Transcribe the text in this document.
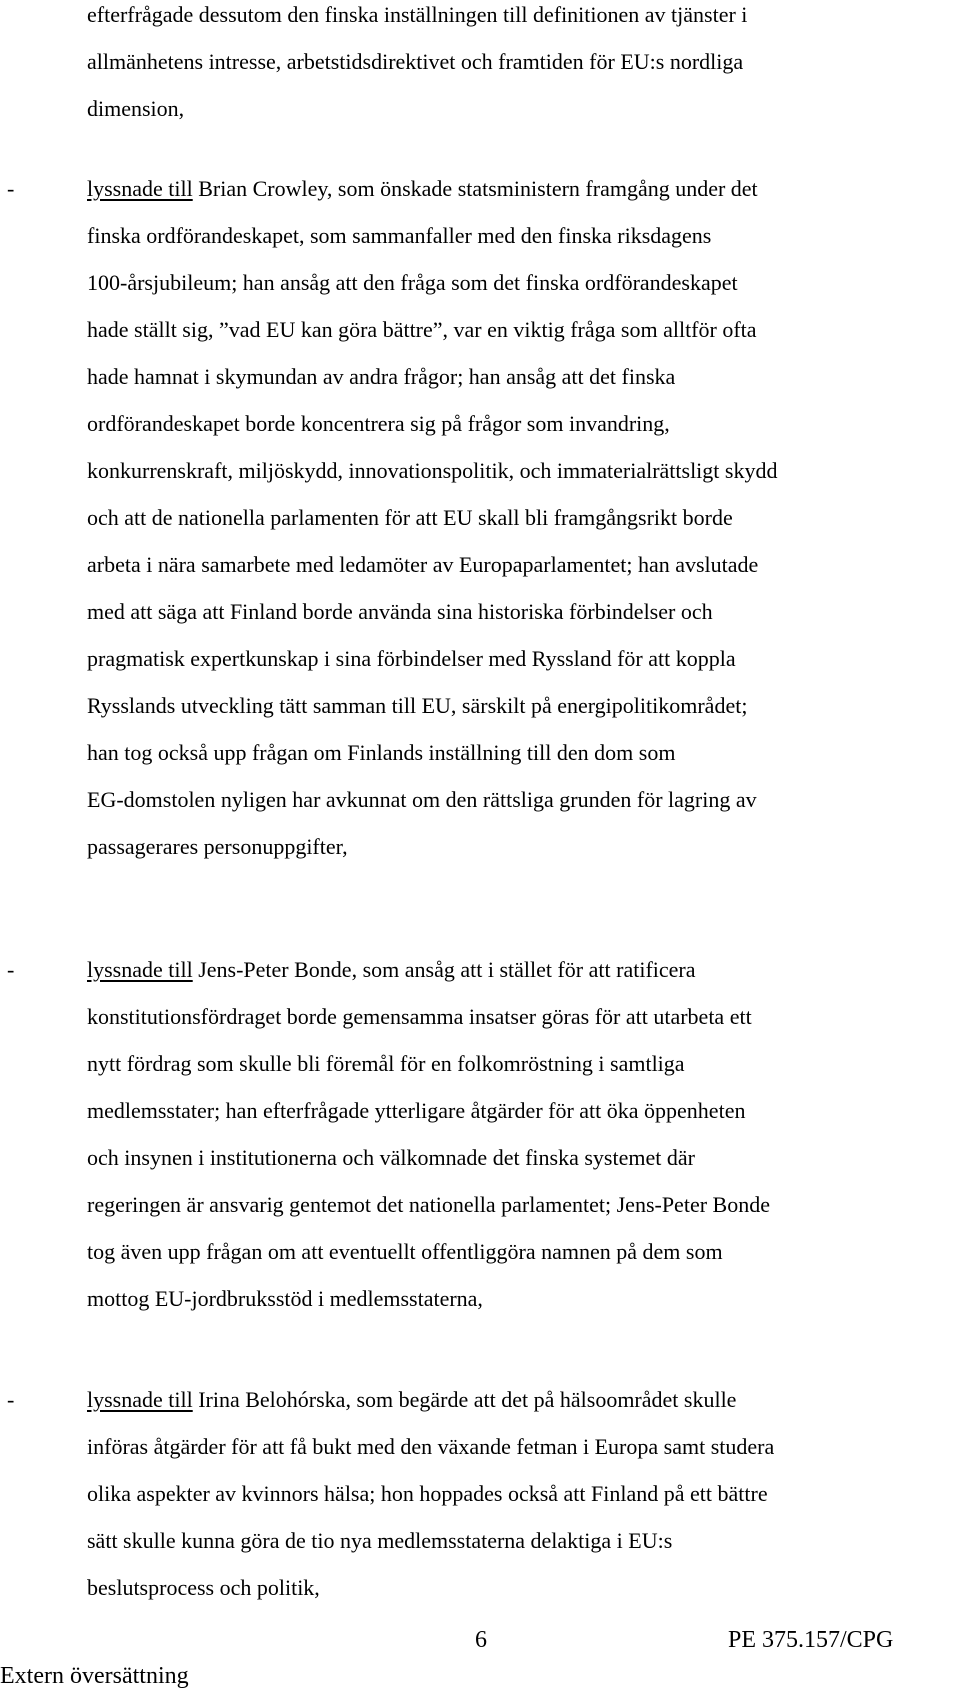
efterfrågade dessutom den finska inställningen till definitionen av tjänster i
allmänhetens intresse, arbetstidsdirektivet och framtiden för EU:s nordliga
dimension,
-	lyssnade till Brian Crowley, som önskade statsministern framgång under det
finska ordförandeskapet, som sammanfaller med den finska riksdagens
100-årsjubileum; han ansåg att den fråga som det finska ordförandeskapet
hade ställt sig, ”vad EU kan göra bättre”, var en viktig fråga som alltför ofta
hade hamnat i skymundan av andra frågor; han ansåg att det finska
ordförandeskapet borde koncentrera sig på frågor som invandring,
konkurrenskraft, miljöskydd, innovationspolitik, och immaterialrättsligt skydd
och att de nationella parlamenten för att EU skall bli framgångsrikt borde
arbeta i nära samarbete med ledamöter av Europaparlamentet; han avslutade
med att säga att Finland borde använda sina historiska förbindelser och
pragmatisk expertkunskap i sina förbindelser med Ryssland för att koppla
Rysslands utveckling tätt samman till EU, särskilt på energipolitikområdet;
han tog också upp frågan om Finlands inställning till den dom som
EG-domstolen nyligen har avkunnat om den rättsliga grunden för lagring av
passagerares personuppgifter,
-	lyssnade till Jens-Peter Bonde, som ansåg att i stället för att ratificera
konstitutionsfördraget borde gemensamma insatser göras för att utarbeta ett
nytt fördrag som skulle bli föremål för en folkomröstning i samtliga
medlemsstater; han efterfrågade ytterligare åtgärder för att öka öppenheten
och insynen i institutionerna och välkomnade det finska systemet där
regeringen är ansvarig gentemot det nationella parlamentet; Jens-Peter Bonde
tog även upp frågan om att eventuellt offentliggöra namnen på dem som
mottog EU-jordbruksstöd i medlemsstaterna,
-	lyssnade till Irina Belohórska, som begärde att det på hälsoområdet skulle
införas åtgärder för att få bukt med den växande fetman i Europa samt studera
olika aspekter av kvinnors hälsa; hon hoppades också att Finland på ett bättre
sätt skulle kunna göra de tio nya medlemsstaterna delaktiga i EU:s
beslutsprocess och politik,
6	PE 375.157/CPG
Extern översättning
